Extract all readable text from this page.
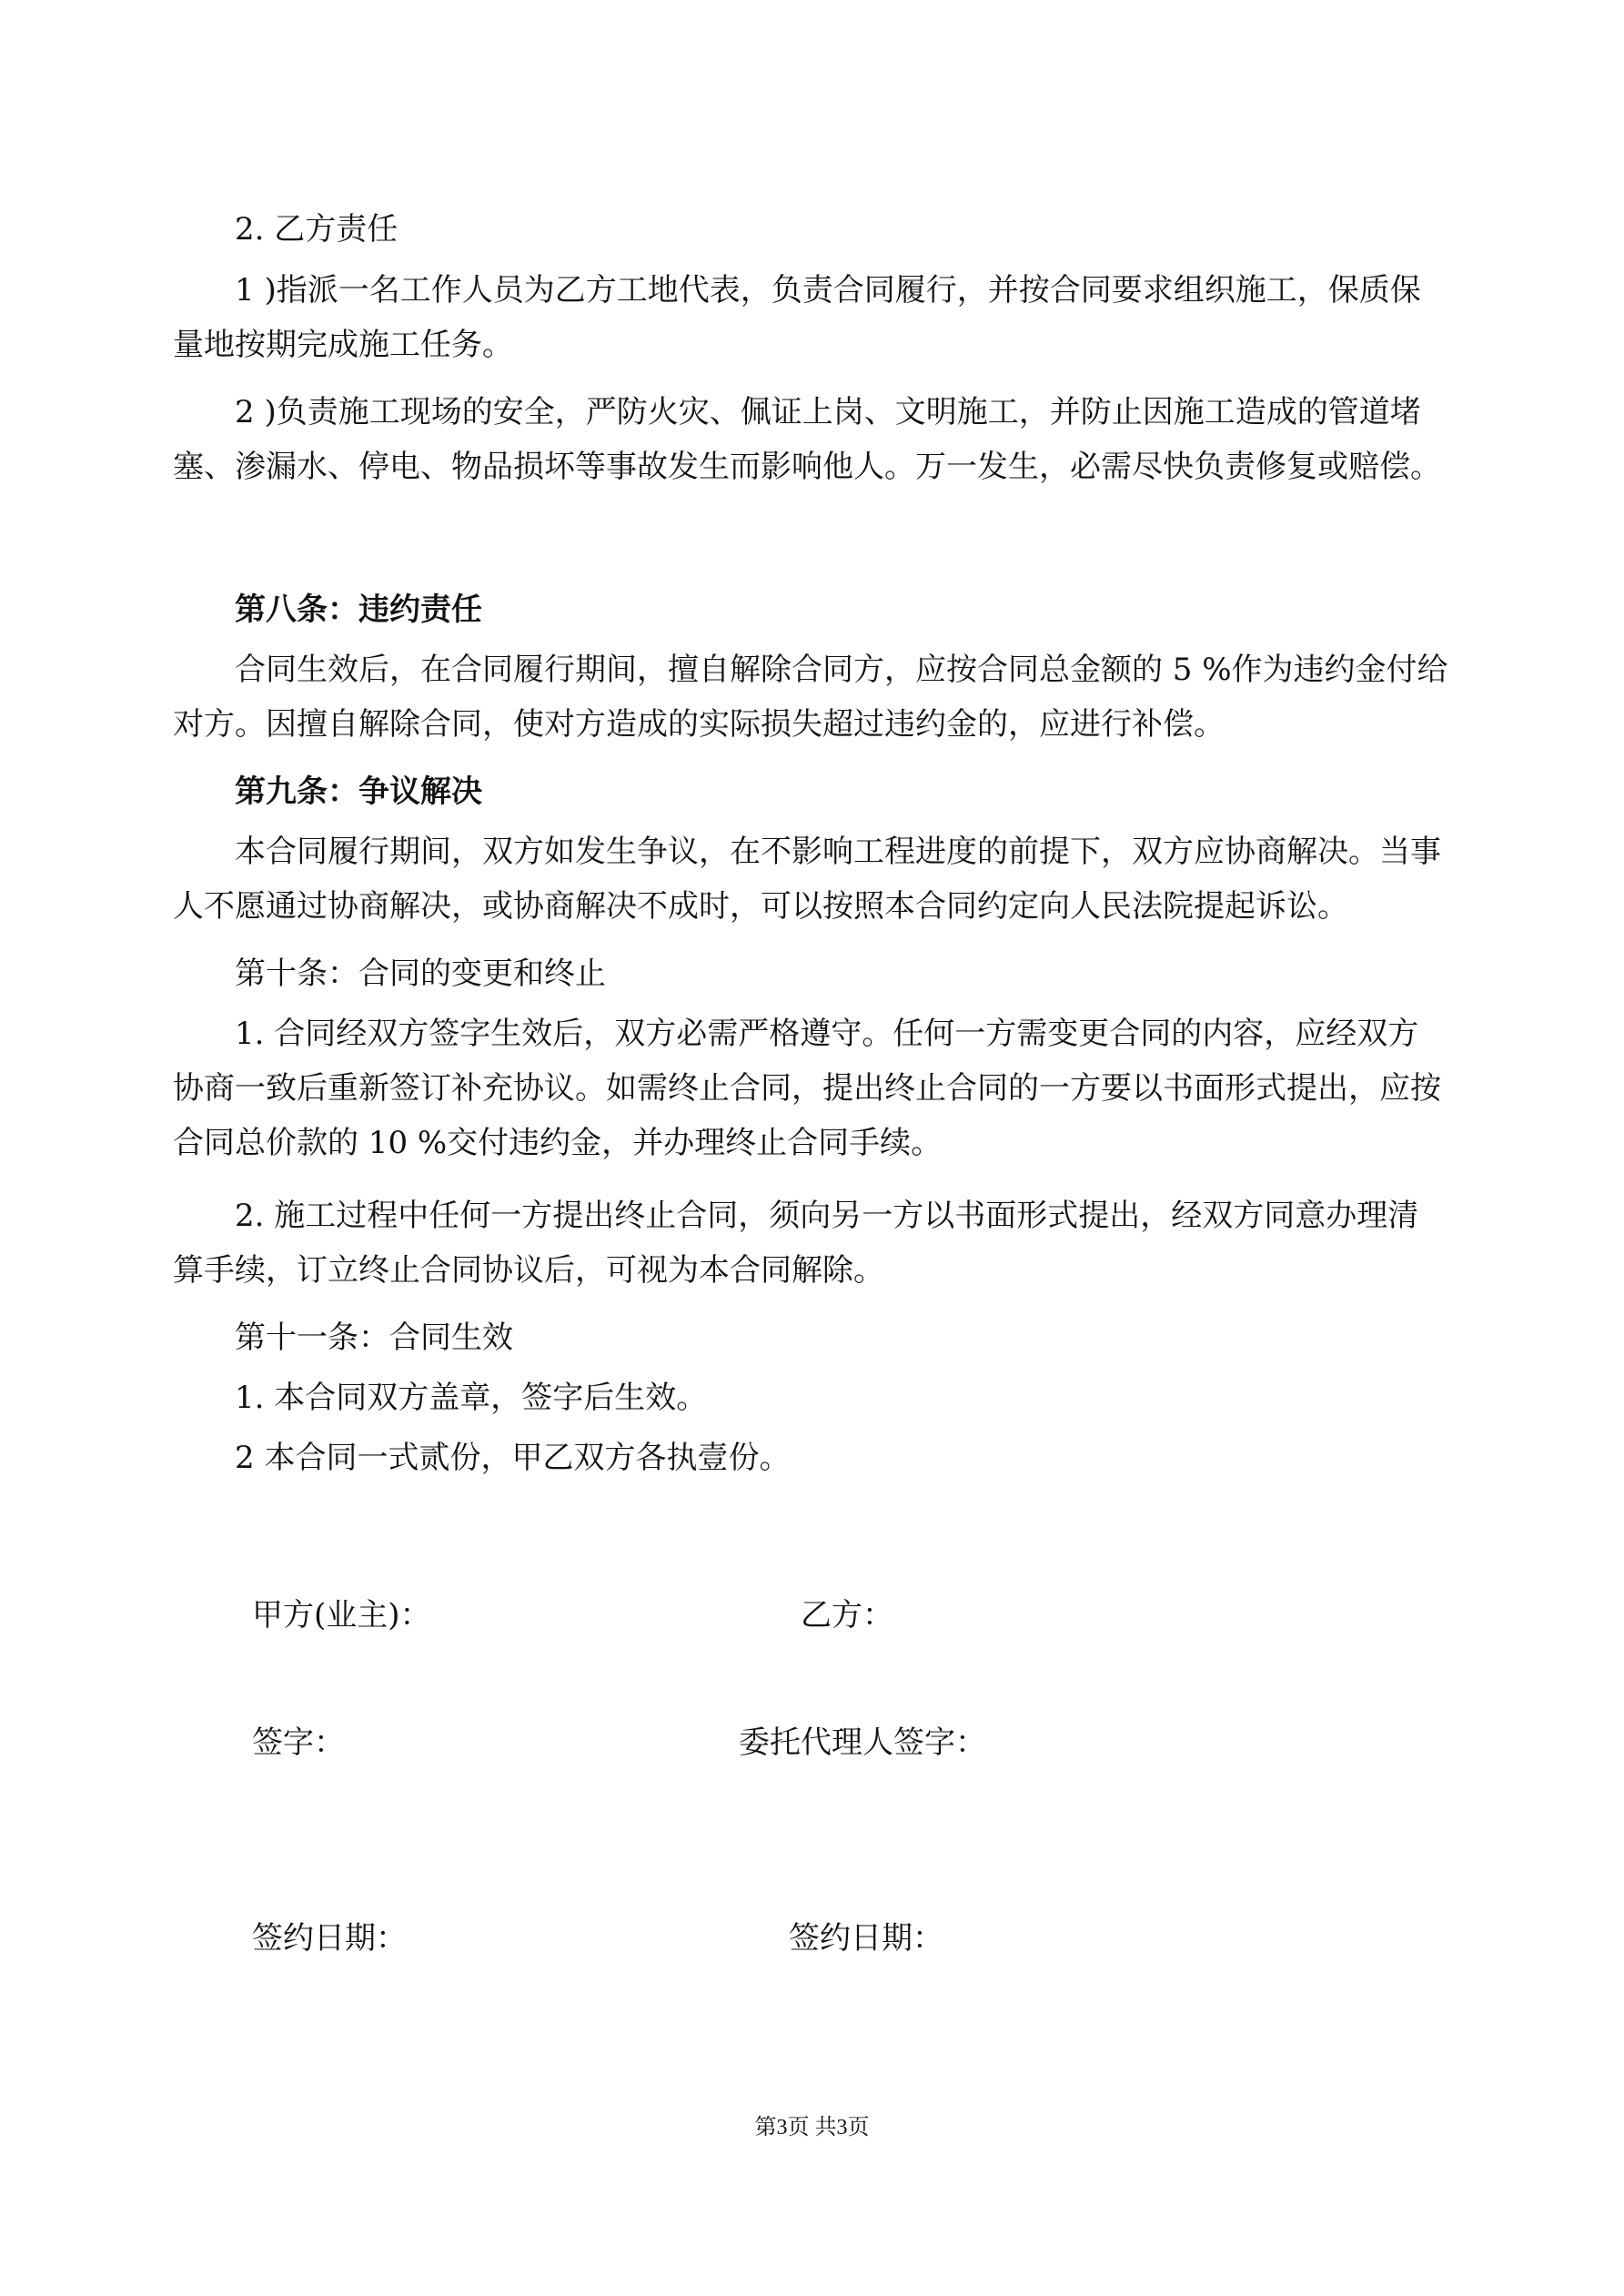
2. 乙方责任

1 )指派一名工作人员为乙方工地代表，负责合同履行，并按合同要求组织施工，保质保
量地按期完成施工任务。
2 )负责施工现场的安全，严防火灾、佩证上岗、文明施工，并防止因施工造成的管道堵
塞、渗漏水、停电、物品损坏等事故发生而影响他人。万一发生，必需尽快负责修复或赔偿。

第八条：违约责任

合同生效后，在合同履行期间，擅自解除合同方，应按合同总金额的 5 %作为违约金付给
对方。因擅自解除合同，使对方造成的实际损失超过违约金的，应进行补偿。

第九条：争议解决

本合同履行期间，双方如发生争议，在不影响工程进度的前提下，双方应协商解决。当事
人不愿通过协商解决，或协商解决不成时，可以按照本合同约定向人民法院提起诉讼。

第十条：合同的变更和终止

1. 合同经双方签字生效后，双方必需严格遵守。任何一方需变更合同的内容，应经双方
协商一致后重新签订补充协议。如需终止合同，提出终止合同的一方要以书面形式提出，应按
合同总价款的 10 %交付违约金，并办理终止合同手续。
2. 施工过程中任何一方提出终止合同，须向另一方以书面形式提出，经双方同意办理清
算手续，订立终止合同协议后，可视为本合同解除。

第十一条：合同生效

1. 本合同双方盖章，签字后生效。

2 本合同一式贰份，甲乙双方各执壹份。

甲方(业主)：	乙方：
签字：	委托代理人签字：
签约日期：	签约日期：
第3页 共3页
